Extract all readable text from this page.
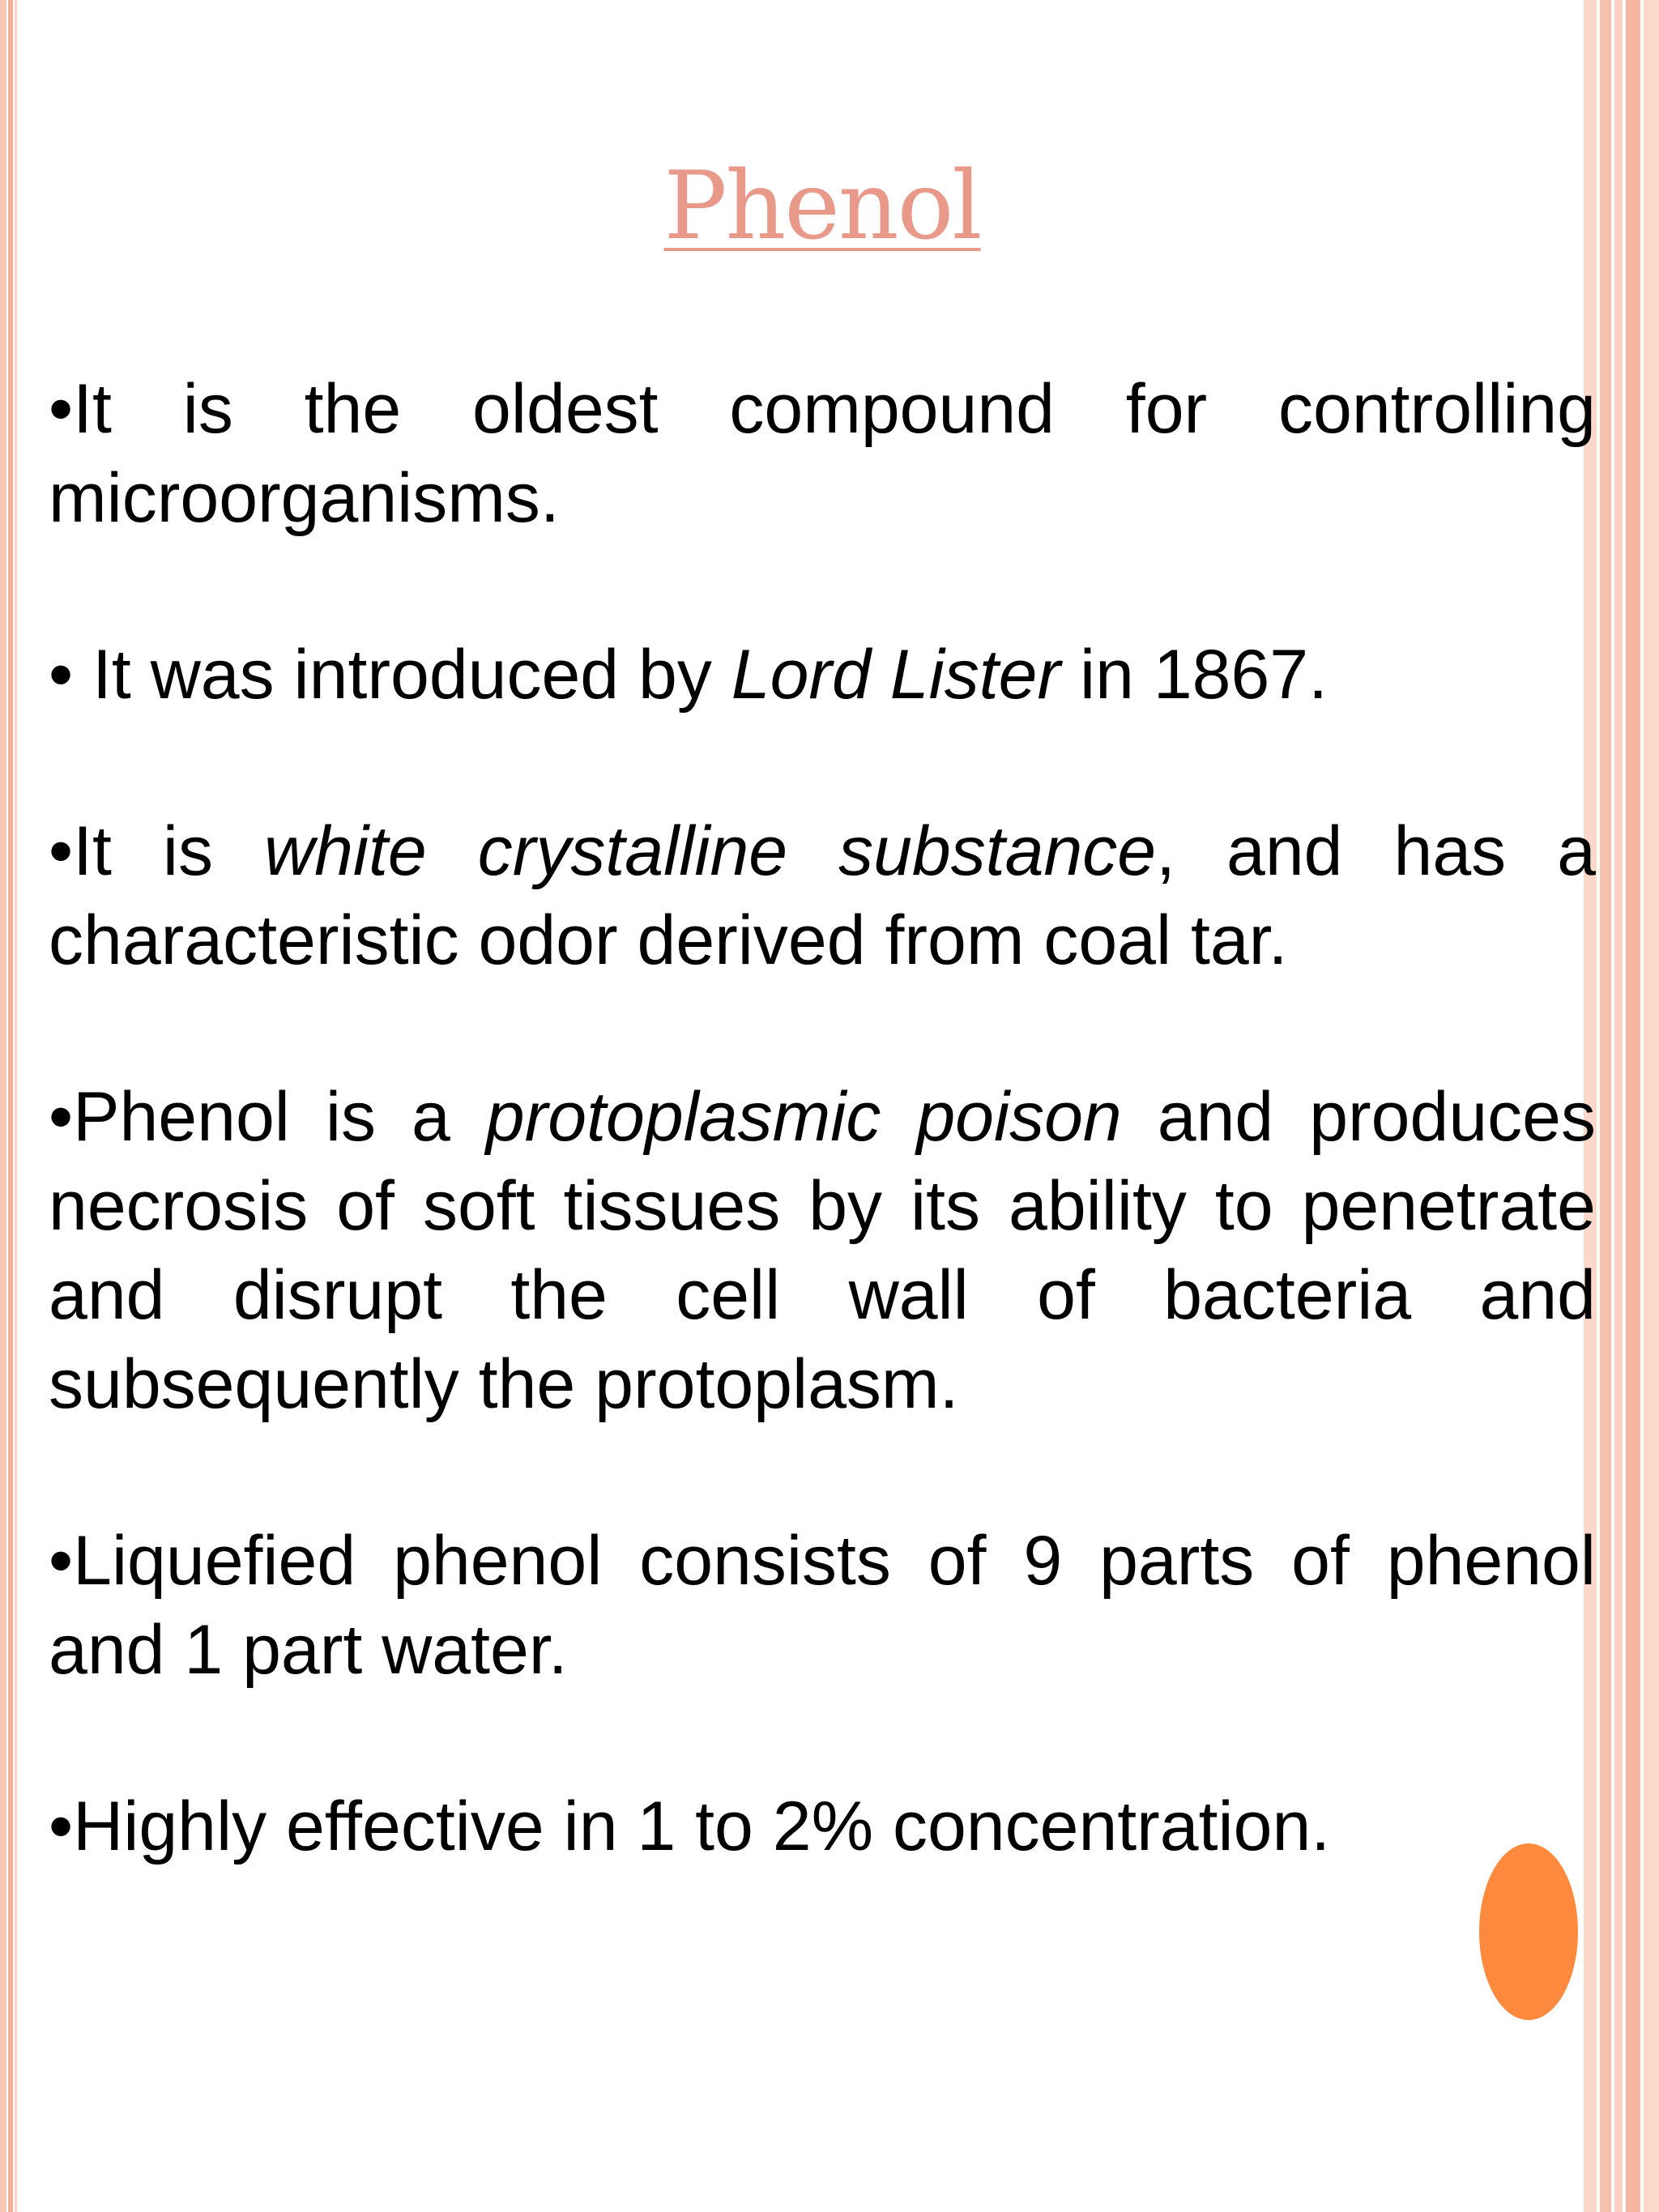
Phenol

•It is the oldest compound for controlling microorganisms.

• It was introduced by Lord Lister in 1867.

•It is white crystalline substance, and has a characteristic odor derived from coal tar.

•Phenol is a protoplasmic poison and produces necrosis of soft tissues by its ability to penetrate and disrupt the cell wall of bacteria and subsequently the protoplasm.

•Liquefied phenol consists of 9 parts of phenol and 1 part water.

•Highly effective in 1 to 2% concentration.
